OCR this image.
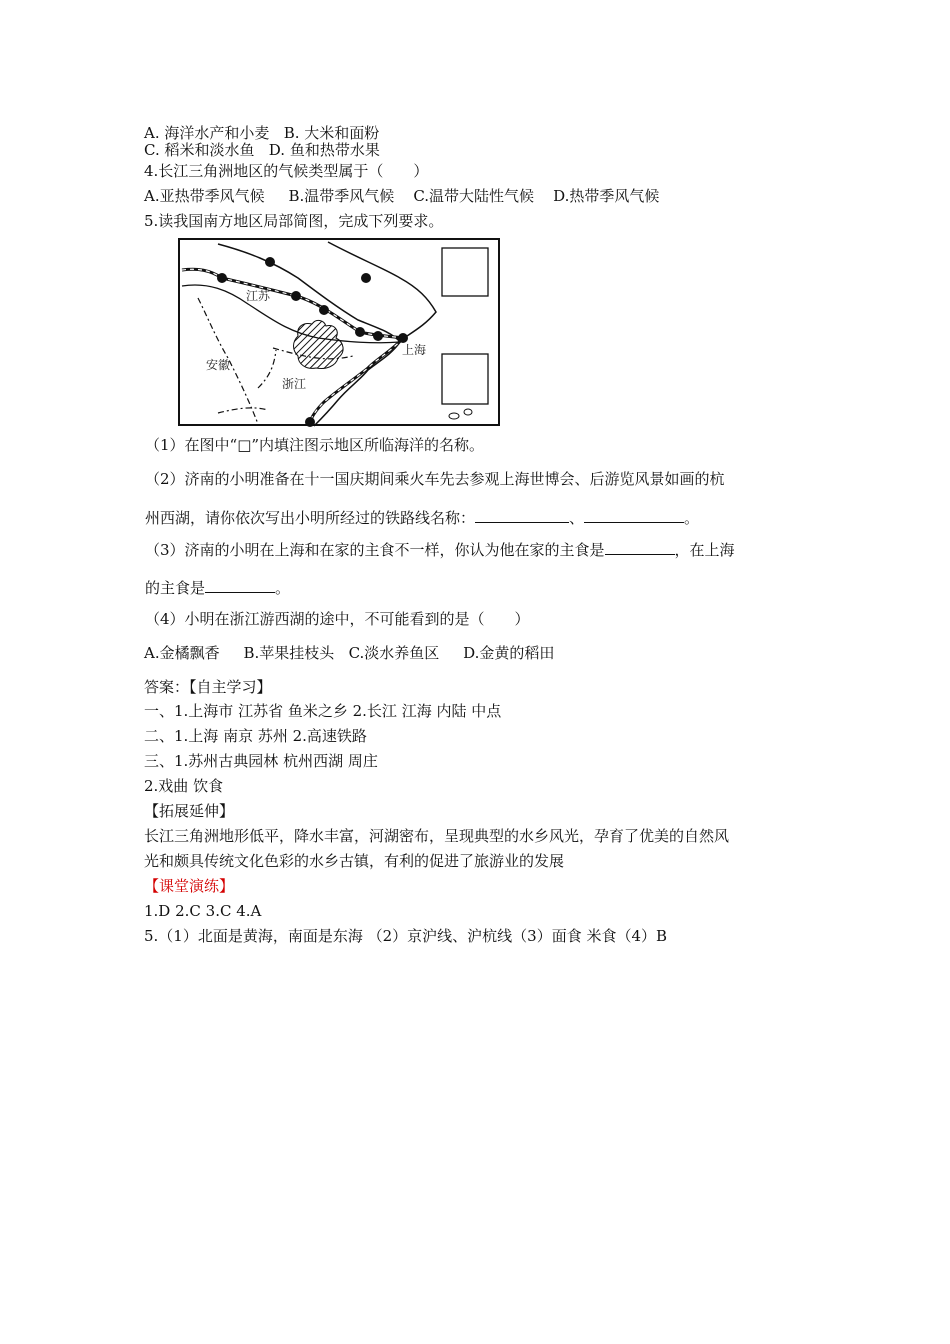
A. 海洋水产和小麦 B. 大米和面粉
C. 稻米和淡水鱼 D. 鱼和热带水果
4.长江三角洲地区的气候类型属于（　　）
A.亚热带季风气候 B.温带季风气候 C.温带大陆性气候 D.热带季风气候
5.读我国南方地区局部简图，完成下列要求。
江苏
安徽
浙江
上海
（1）在图中“□”内填注图示地区所临海洋的名称。
（2）济南的小明准备在十一国庆期间乘火车先去参观上海世博会、后游览风景如画的杭
州西湖，请你依次写出小明所经过的铁路线名称：	、	。
（3）济南的小明在上海和在家的主食不一样，你认为他在家的主食是	，在上海
的主食是	。
（4）小明在浙江游西湖的途中，不可能看到的是（　　）
A.金橘飘香 B.苹果挂枝头 C.淡水养鱼区 D.金黄的稻田
答案：【自主学习】
一、1.上海市 江苏省 鱼米之乡 2.长江 江海 内陆 中点
二、1.上海 南京 苏州 2.高速铁路
三、1.苏州古典园林 杭州西湖 周庄
2.戏曲 饮食
【拓展延伸】
长江三角洲地形低平，降水丰富，河湖密布，呈现典型的水乡风光，孕育了优美的自然风
光和颇具传统文化色彩的水乡古镇，有利的促进了旅游业的发展
【课堂演练】
1.D 2.C 3.C 4.A
5.（1）北面是黄海，南面是东海 （2）京沪线、沪杭线（3）面食 米食（4）B
